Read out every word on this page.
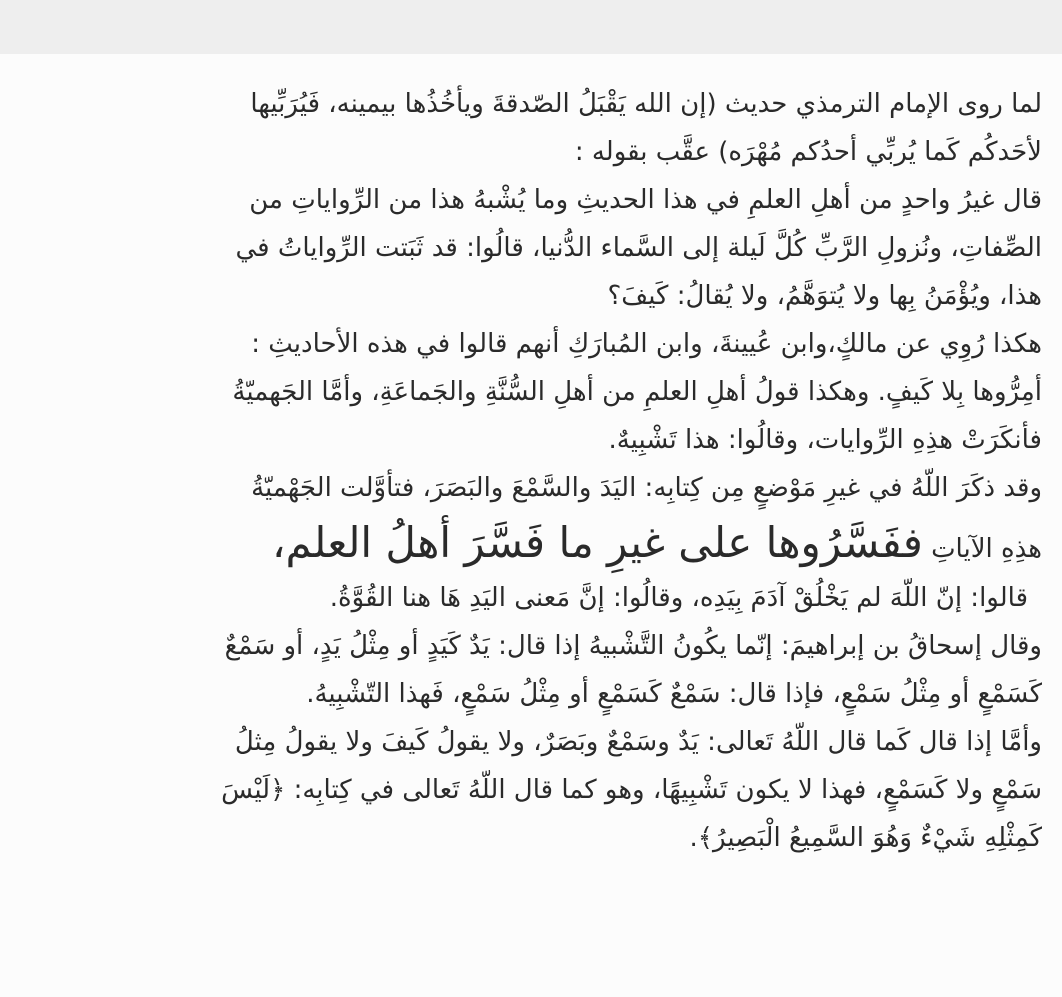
لما روى الإمام الترمذي حديث (إن الله يَقْبَلُ الصّدقةَ ويأخُذُها بيمينه، فَيُرَبِّيها
لأحَدكُم كَما يُربِّي أحدُكم مُهْرَه) عقَّب بقوله :
قال غيرُ واحدٍ من أهلِ العلمِ في هذا الحديثِ وما يُشْبهُ هذا من الرِّواياتِ من
الصِّفاتِ، ونُزولِ الرَّبِّ كُلَّ لَيلة إلى السَّماء الدُّنيا، قالُوا: قد ثَبَتت الرِّواياتُ في
هذا، ويُؤْمَنُ بِها ولا يُتوَهَّمُ، ولا يُقالُ: كَيفَ؟
هكذا رُوِي عن مالكٍ،وابن عُيينةَ، وابن المُبارَكِ أنهم قالوا في هذه الأحاديثِ :
أمِرُّوها بِلا كَيفٍ. وهكذا قولُ أهلِ العلمِ من أهلِ السُّنَّةِ والجَماعَةِ، وأمَّا الجَهميّةُ
فأنكَرَتْ هذِهِ الرِّوايات، وقالُوا: هذا تَشْبِيهٌ.
وقد ذكَرَ اللّهُ في غيرِ مَوْضعٍ مِن كِتابِه: اليَدَ والسَّمْعَ والبَصَرَ، فتأوَّلت الجَهْميّةُ
هذِهِ الآياتِ ففَسَّرُوها على غيرِ ما فَسَّرَ أهلُ العلم،
قالوا: إنّ اللّهَ لم يَخْلُقْ آدَمَ بِيَدِه، وقالُوا: إنَّ مَعنى اليَدِ هَا هنا القُوَّةُ.
وقال إسحاقُ بن إبراهيمَ: إنّما يكُونُ التَّشْبيهُ إذا قال: يَدٌ كَيَدٍ أو مِثْلُ يَدٍ، أو سَمْعٌ
كَسَمْعٍ أو مِثْلُ سَمْعٍ، فإذا قال: سَمْعٌ كَسَمْعٍ أو مِثْلُ سَمْعٍ، فَهذا التّشْبِيهُ.
وأمَّا إذا قال كَما قال اللّهُ تَعالى: يَدٌ وسَمْعٌ وبَصَرٌ، ولا يقولُ كَيفَ ولا يقولُ مِثلُ
سَمْعٍ ولا كَسَمْعٍ، فهذا لا يكون تَشْبِيهًا، وهو كما قال اللّهُ تَعالى في كِتابِه: ﴿لَيْسَ
كَمِثْلِهِ شَيْءٌ وَهُوَ السَّمِيعُ الْبَصِيرُ﴾.
